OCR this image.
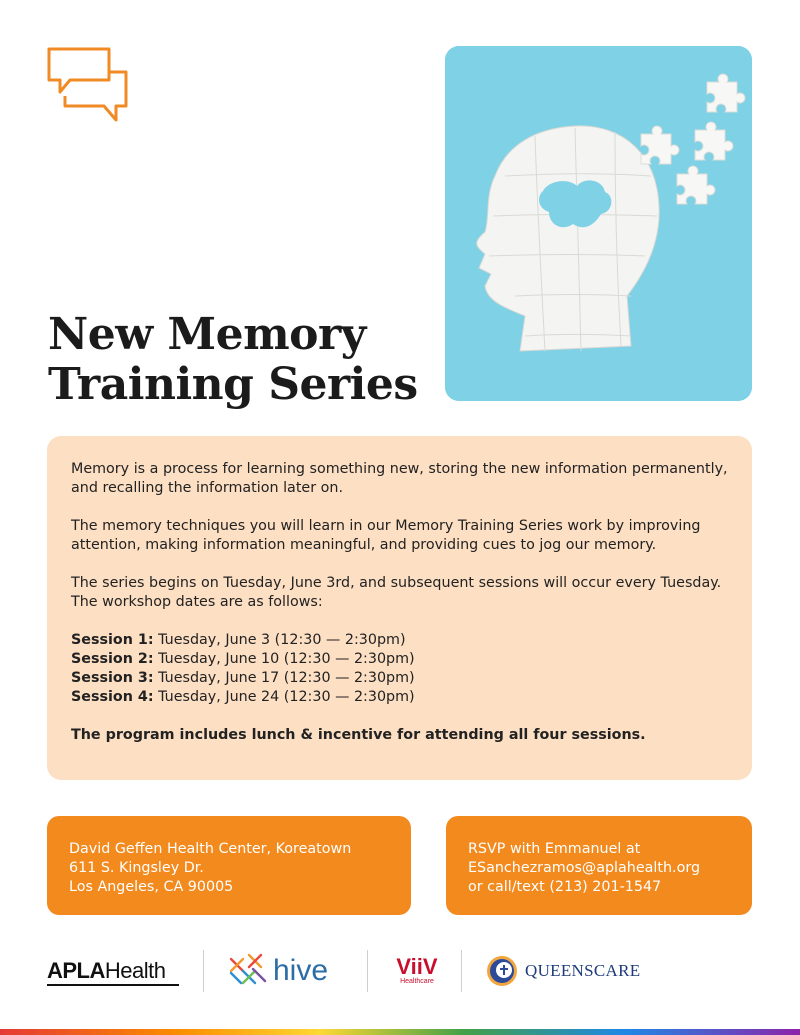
New Memory
Training Series

Memory is a process for learning something new, storing the new information permanently, and recalling the information later on.

The memory techniques you will learn in our Memory Training Series work by improving attention, making information meaningful, and providing cues to jog our memory.

The series begins on Tuesday, June 3rd, and subsequent sessions will occur every Tuesday. The workshop dates are as follows:

Session 1: Tuesday, June 3 (12:30 — 2:30pm)
Session 2: Tuesday, June 10 (12:30 — 2:30pm)
Session 3: Tuesday, June 17 (12:30 — 2:30pm)
Session 4: Tuesday, June 24 (12:30 — 2:30pm)

The program includes lunch & incentive for attending all four sessions.

David Geffen Health Center, Koreatown
611 S. Kingsley Dr.
Los Angeles, CA 90005
RSVP with Emmanuel at
ESanchezramos@aplahealth.org
or call/text (213) 201-1547
APLA Health	hive	ViiV
Healthcare
QUEENSCARE
